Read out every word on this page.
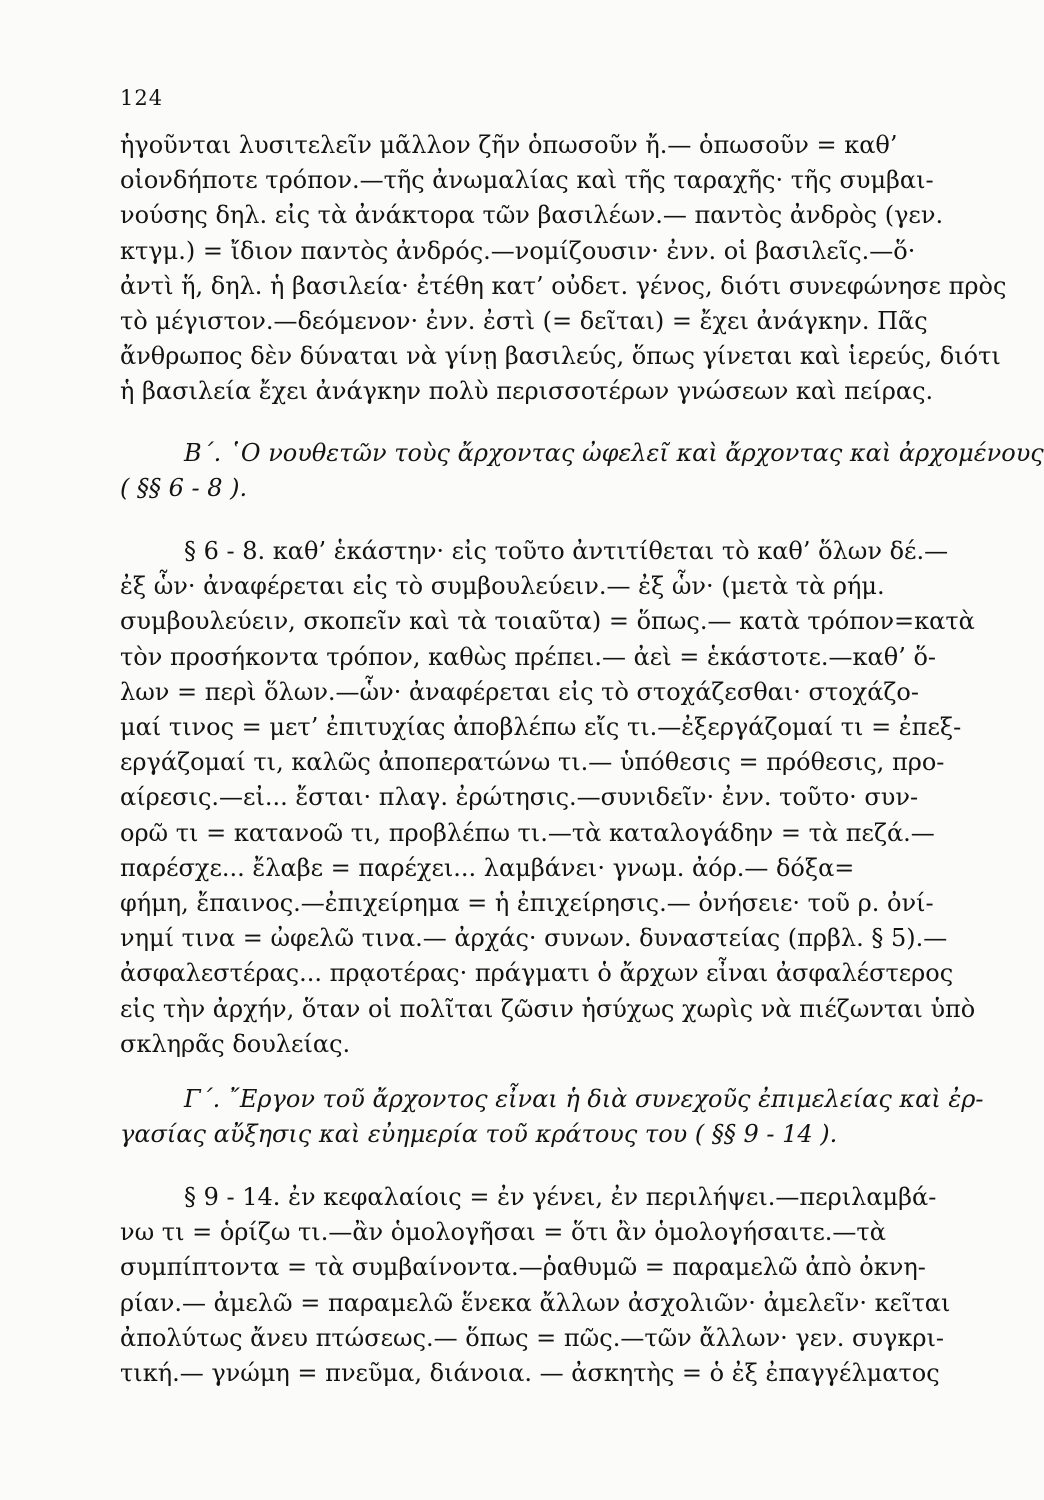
124
ἡγοῦνται λυσιτελεῖν μᾶλλον ζῆν ὁπωσοῦν ἤ.— ὁπωσοῦν = καθ’
οἱονδήποτε τρόπον.—τῆς ἀνωμαλίας καὶ τῆς ταραχῆς· τῆς συμβαι-
νούσης δηλ. εἰς τὰ ἀνάκτορα τῶν βασιλέων.— παντὸς ἀνδρὸς (γεν.
κτγμ.) = ἴδιον παντὸς ἀνδρός.—νομίζουσιν· ἐνν. οἱ βασιλεῖς.—ὅ·
ἀντὶ ἥ, δηλ. ἡ βασιλεία· ἐτέθη κατ’ οὐδετ. γένος, διότι συνεφώνησε πρὸς
τὸ μέγιστον.—δεόμενον· ἐνν. ἐστὶ (= δεῖται) = ἔχει ἀνάγκην. Πᾶς
ἄνθρωπος δὲν δύναται νὰ γίνῃ βασιλεύς, ὅπως γίνεται καὶ ἱερεύς, διότι
ἡ βασιλεία ἔχει ἀνάγκην πολὺ περισσοτέρων γνώσεων καὶ πείρας.
Β΄. ῾Ο νουθετῶν τοὺς ἄρχοντας ὠφελεῖ καὶ ἄρχοντας καὶ ἀρχομένους
( §§ 6 - 8 ).
§ 6 - 8. καθ’ ἑκάστην· εἰς τοῦτο ἀντιτίθεται τὸ καθ’ ὅλων δέ.—
ἐξ ὧν· ἀναφέρεται εἰς τὸ συμβουλεύειν.— ἐξ ὧν· (μετὰ τὰ ρήμ.
συμβουλεύειν, σκοπεῖν καὶ τὰ τοιαῦτα) = ὅπως.— κατὰ τρόπον=κατὰ
τὸν προσήκοντα τρόπον, καθὼς πρέπει.— ἀεὶ = ἑκάστοτε.—καθ’ ὅ-
λων = περὶ ὅλων.—ὧν· ἀναφέρεται εἰς τὸ στοχάζεσθαι· στοχάζο-
μαί τινος = μετ’ ἐπιτυχίας ἀποβλέπω εἴς τι.—ἐξεργάζομαί τι = ἐπεξ-
εργάζομαί τι, καλῶς ἀποπερατώνω τι.— ὑπόθεσις = πρόθεσις, προ-
αίρεσις.—εἰ... ἔσται· πλαγ. ἐρώτησις.—συνιδεῖν· ἐνν. τοῦτο· συν-
ορῶ τι = κατανοῶ τι, προβλέπω τι.—τὰ καταλογάδην = τὰ πεζά.—
παρέσχε... ἔλαβε = παρέχει... λαμβάνει· γνωμ. ἀόρ.— δόξα=
φήμη, ἔπαινος.—ἐπιχείρημα = ἡ ἐπιχείρησις.— ὀνήσειε· τοῦ ρ. ὀνί-
νημί τινα = ὠφελῶ τινα.— ἀρχάς· συνων. δυναστείας (πρβλ. § 5).—
ἀσφαλεστέρας... πρᾳοτέρας· πράγματι ὁ ἄρχων εἶναι ἀσφαλέστερος
εἰς τὴν ἀρχήν, ὅταν οἱ πολῖται ζῶσιν ἡσύχως χωρὶς νὰ πιέζωνται ὑπὸ
σκληρᾶς δουλείας.
Γ΄. ῎Εργον τοῦ ἄρχοντος εἶναι ἡ διὰ συνεχοῦς ἐπιμελείας καὶ ἐρ-
γασίας αὔξησις καὶ εὐημερία τοῦ κράτους του ( §§ 9 - 14 ).
§ 9 - 14. ἐν κεφαλαίοις = ἐν γένει, ἐν περιλήψει.—περιλαμβά-
νω τι = ὁρίζω τι.—ἂν ὁμολογῆσαι = ὅτι ἂν ὁμολογήσαιτε.—τὰ
συμπίπτοντα = τὰ συμβαίνοντα.—ῥαθυμῶ = παραμελῶ ἀπὸ ὀκνη-
ρίαν.— ἀμελῶ = παραμελῶ ἕνεκα ἄλλων ἀσχολιῶν· ἀμελεῖν· κεῖται
ἀπολύτως ἄνευ πτώσεως.— ὅπως = πῶς.—τῶν ἄλλων· γεν. συγκρι-
τική.— γνώμη = πνεῦμα, διάνοια. — ἀσκητὴς = ὁ ἐξ ἐπαγγέλματος
